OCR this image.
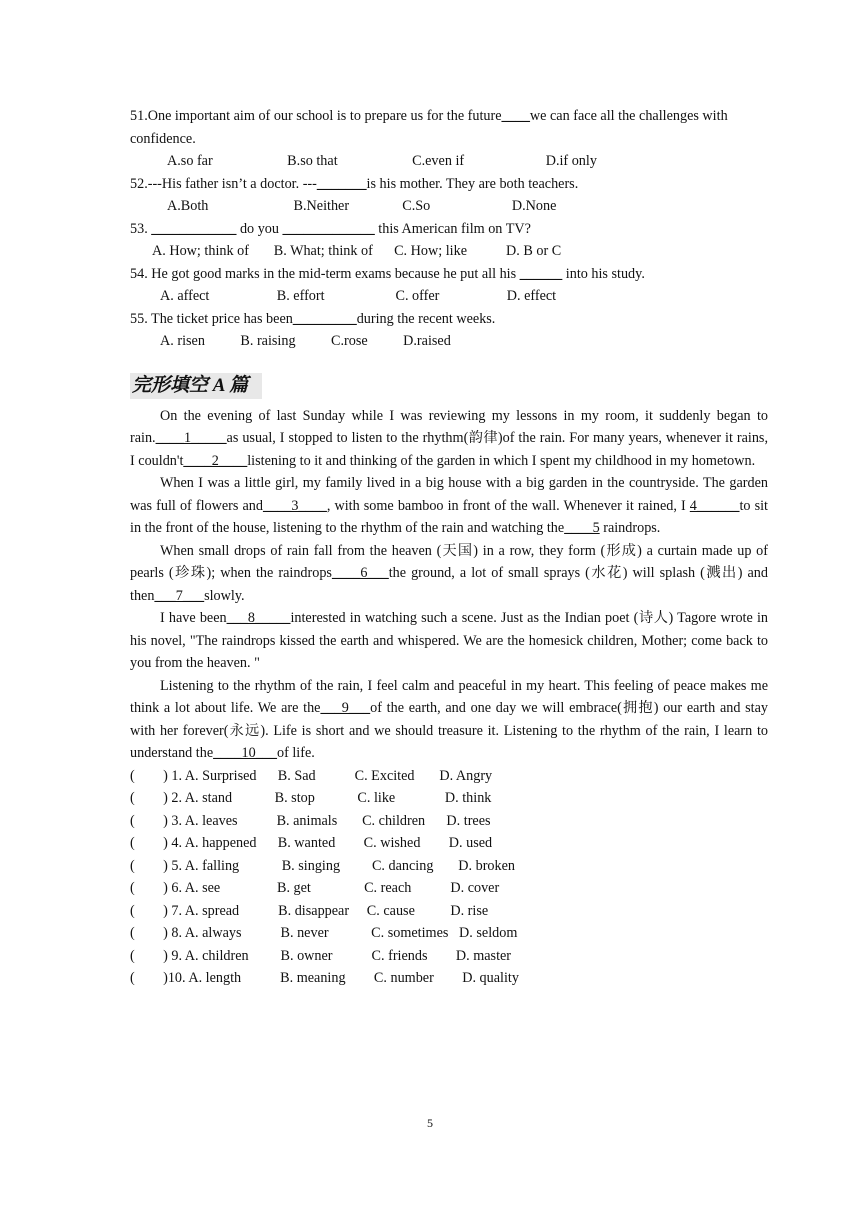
51.One important aim of our school is to prepare us for the future____we can face all the challenges with confidence.
A.so far                     B.so that                     C.even if                       D.if only
52.---His father isn’t a doctor. ---_______is his mother. They are both teachers.
A.Both                        B.Neither               C.So                       D.None
53. ____________ do you _____________ this American film on TV?
A. How; think of       B. What; think of      C. How; like           D. B or C
54. He got good marks in the mid-term exams because he put all his ______ into his study.
A. affect                   B. effort                    C. offer                   D. effect
55. The ticket price has been_________during the recent weeks.
A. risen          B. raising          C.rose          D.raised
完形填空 A 篇

On the evening of last Sunday while I was reviewing my lessons in my room, it suddenly began to rain.____1_____as usual, I stopped to listen to the rhythm(韵律)of the rain. For many years, whenever it rains, I couldn't____2____listening to it and thinking of the garden in which I spent my childhood in my hometown.

When I was a little girl, my family lived in a big house with a big garden in the countryside. The garden was full of flowers and____3____, with some bamboo in front of the wall. Whenever it rained, I 4______to sit in the front of the house, listening to the rhythm of the rain and watching the____5 raindrops.

When small drops of rain fall from the heaven (天国) in a row, they form (形成) a curtain made up of pearls (珍珠); when the raindrops____6___the ground, a lot of small sprays (水花) will splash (溅出) and then___7___slowly.

I have been___8_____interested in watching such a scene. Just as the Indian poet (诗人) Tagore wrote in his novel, "The raindrops kissed the earth and whispered. We are the homesick children, Mother; come back to you from the heaven. "

Listening to the rhythm of the rain, I feel calm and peaceful in my heart. This feeling of peace makes me think a lot about life. We are the___9___of the earth, and one day we will embrace(拥抱) our earth and stay with her forever(永远). Life is short and we should treasure it. Listening to the rhythm of the rain, I learn to understand the____10___of life.

(        ) 1. A. Surprised      B. Sad           C. Excited       D. Angry
(        ) 2. A. stand            B. stop            C. like              D. think
(        ) 3. A. leaves           B. animals       C. children      D. trees
(        ) 4. A. happened      B. wanted        C. wished        D. used
(        ) 5. A. falling            B. singing         C. dancing       D. broken
(        ) 6. A. see                B. get               C. reach           D. cover
(        ) 7. A. spread           B. disappear     C. cause          D. rise
(        ) 8. A. always           B. never            C. sometimes   D. seldom
(        ) 9. A. children         B. owner           C. friends        D. master
(        )10. A. length           B. meaning        C. number        D. quality
5
